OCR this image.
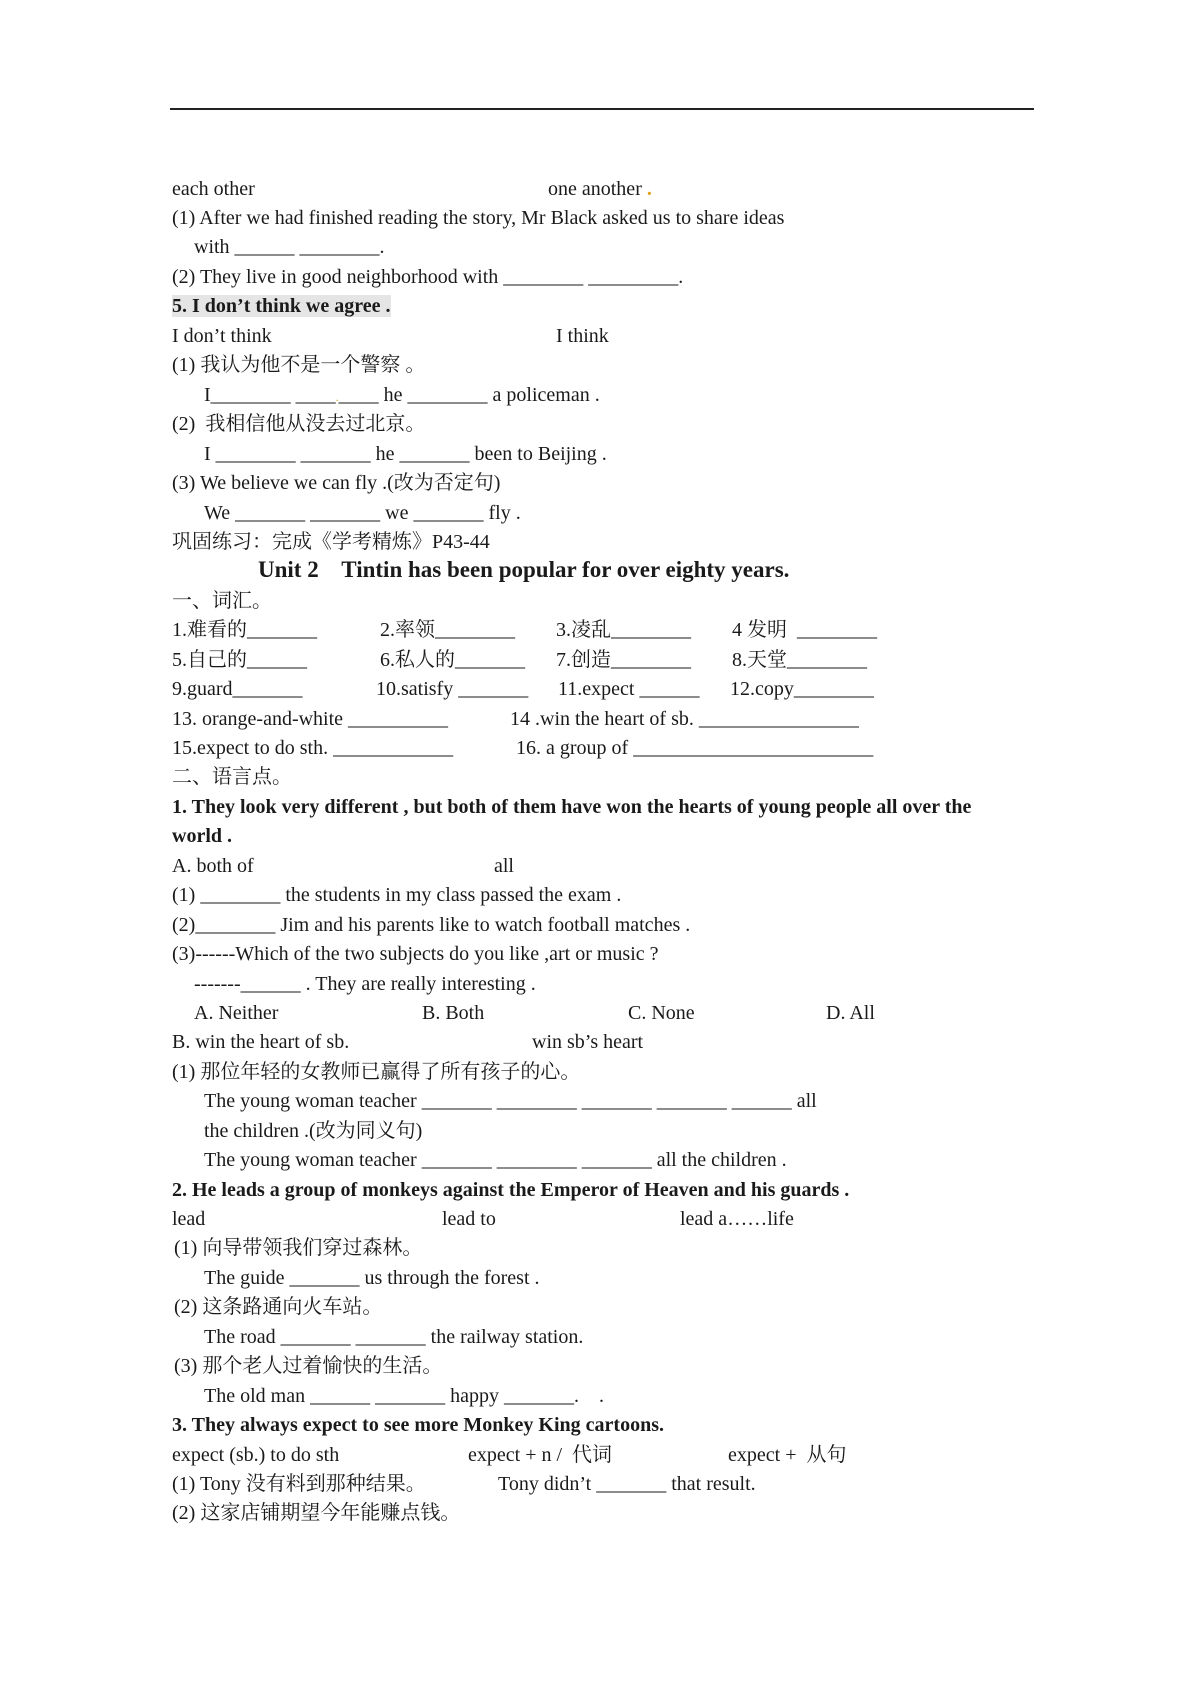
each other	one another .
(1) After we had finished reading the story, Mr Black asked us to share ideas
with ______ ________.
(2) They live in good neighborhood with ________ _________.
5. I don’t think we agree .
I don’t think	I think
(1) 我认为他不是一个警察 。
I________ ____.____ he ________ a policeman .
(2)  我相信他从没去过北京。
I ________ _______ he _______ been to Beijing .
(3) We believe we can fly .(改为否定句)
We _______ _______ we _______ fly .
巩固练习：完成《学考精炼》P43-44
Unit 2    Tintin has been popular for over eighty years.
一、词汇。
1.难看的_______	2.率领________ 3.凌乱________ 4 发明  ________
5.自己的______	6.私人的_______ 7.创造________ 8.天堂________
9.guard_______	10.satisfy _______ 11.expect ______ 12.copy________
13. orange-and-white __________	14 .win the heart of sb. ________________
15.expect to do sth. ____________	16. a group of ________________________
二、语言点。
1. They look very different , but both of them have won the hearts of young people all over the
world .
A. both of	all
(1) ________ the students in my class passed the exam .
(2)________ Jim and his parents like to watch football matches .
(3)------Which of the two subjects do you like ,art or music ?
-------______ . They are really interesting .
A. Neither	B. Both	C. None	D. All
B. win the heart of sb.	win sb’s heart
(1) 那位年轻的女教师已赢得了所有孩子的心。
The young woman teacher _______ ________ _______ _______ ______ all
the children .(改为同义句)
The young woman teacher _______ ________ _______ all the children .
2. He leads a group of monkeys against the Emperor of Heaven and his guards .
lead	lead to	lead a……life
(1) 向导带领我们穿过森林。
The guide _______ us through the forest .
(2) 这条路通向火车站。
The road _______ _______ the railway station.
(3) 那个老人过着愉快的生活。
The old man ______ _______ happy _______.    .
3. They always expect to see more Monkey King cartoons.
expect (sb.) to do sth	expect + n /  代词	expect +  从句
(1) Tony 没有料到那种结果。	Tony didn’t _______ that result.
(2) 这家店铺期望今年能赚点钱。
